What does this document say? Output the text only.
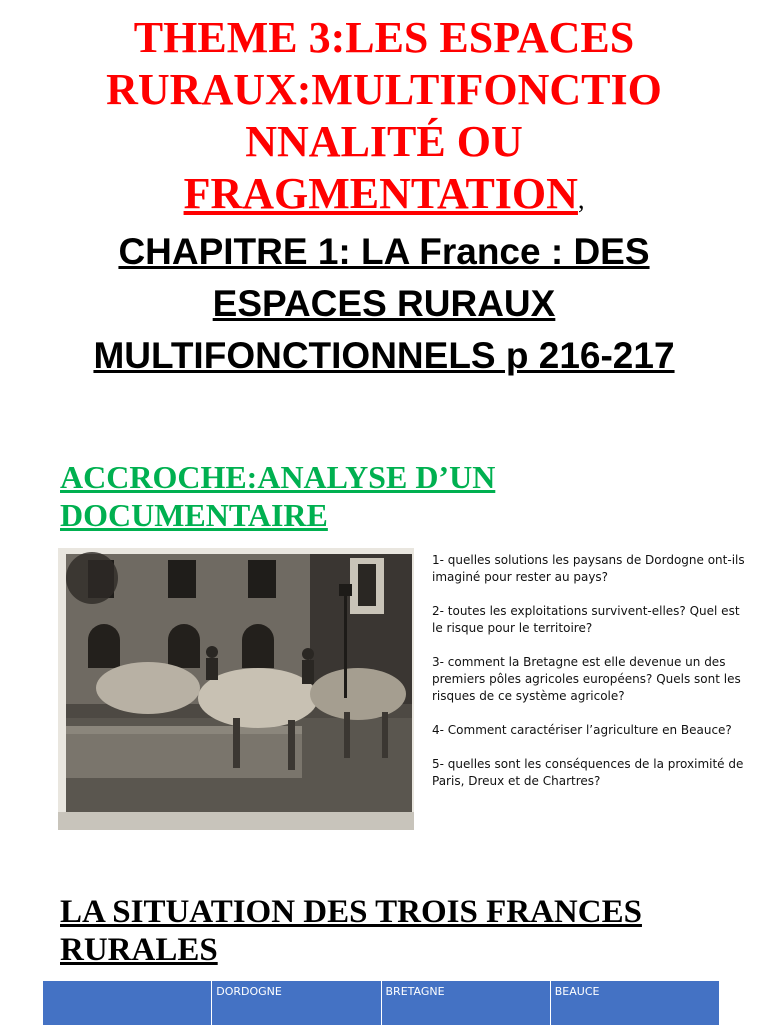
THEME 3:LES ESPACES
RURAUX:MULTIFONCTIO
NNALITÉ OU
FRAGMENTATION,
CHAPITRE 1: LA France : DES
ESPACES RURAUX
MULTIFONCTIONNELS p 216-217
ACCROCHE:ANALYSE D’UN
DOCUMENTAIRE

1- quelles solutions les paysans de Dordogne ont-ils imaginé pour rester au pays?

2- toutes les exploitations survivent-elles? Quel est le risque pour le territoire?

3- comment la Bretagne est elle devenue un des premiers pôles agricoles européens? Quels sont les risques de ce système agricole?

4- Comment caractériser l’agriculture en Beauce?

5- quelles sont les conséquences de la proximité de Paris, Dreux et de Chartres?

LA SITUATION DES TROIS FRANCES
RURALES
	DORDOGNE	BRETAGNE	BEAUCE
